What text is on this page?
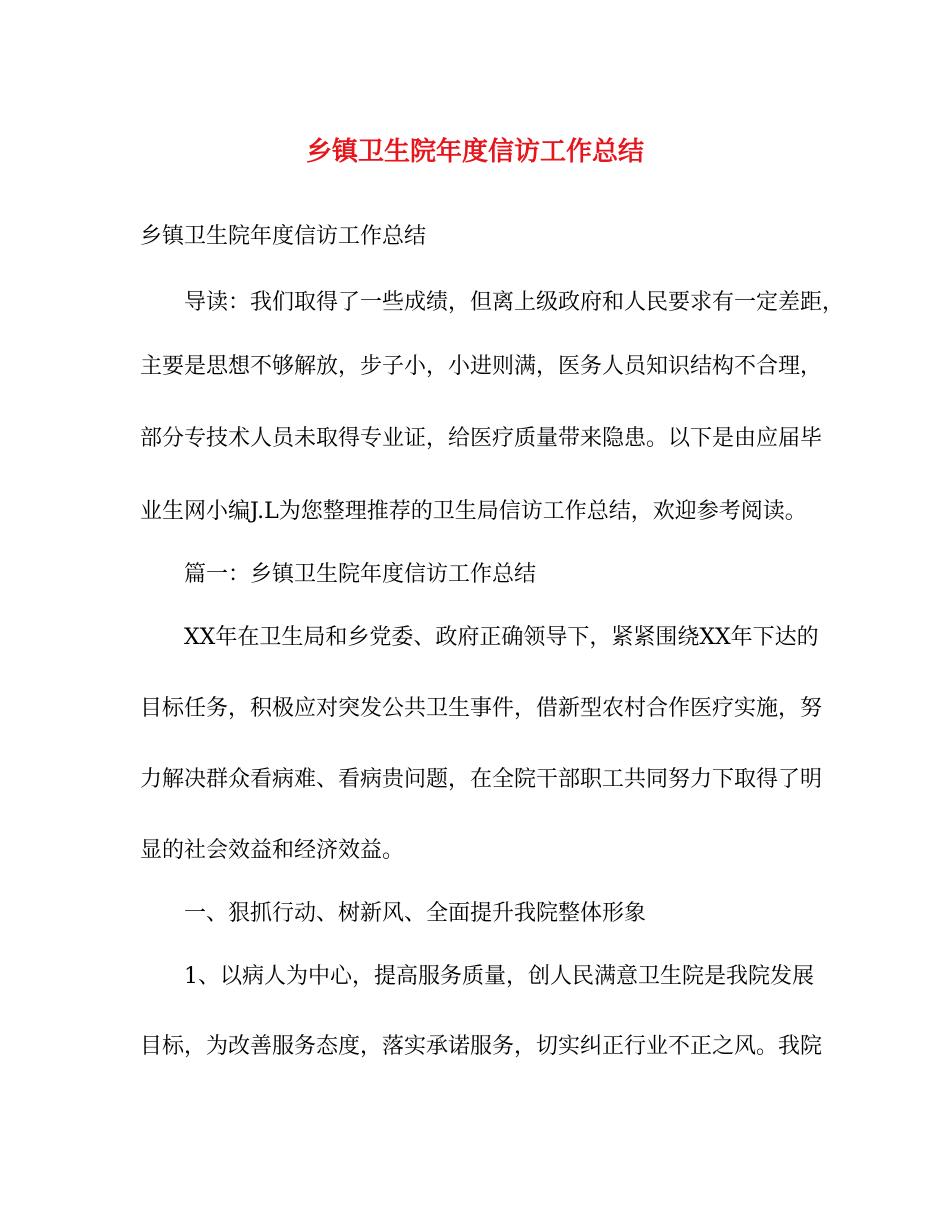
乡镇卫生院年度信访工作总结
乡镇卫生院年度信访工作总结
导读：我们取得了一些成绩，但离上级政府和人民要求有一定差距，
主要是思想不够解放，步子小，小进则满，医务人员知识结构不合理，
部分专技术人员未取得专业证，给医疗质量带来隐患。以下是由应届毕
业生网小编J.L为您整理推荐的卫生局信访工作总结，欢迎参考阅读。
篇一：乡镇卫生院年度信访工作总结
XX年在卫生局和乡党委、政府正确领导下，紧紧围绕XX年下达的
目标任务，积极应对突发公共卫生事件，借新型农村合作医疗实施，努
力解决群众看病难、看病贵问题，在全院干部职工共同努力下取得了明
显的社会效益和经济效益。
一、狠抓行动、树新风、全面提升我院整体形象
1、以病人为中心，提高服务质量，创人民满意卫生院是我院发展
目标，为改善服务态度，落实承诺服务，切实纠正行业不正之风。我院
